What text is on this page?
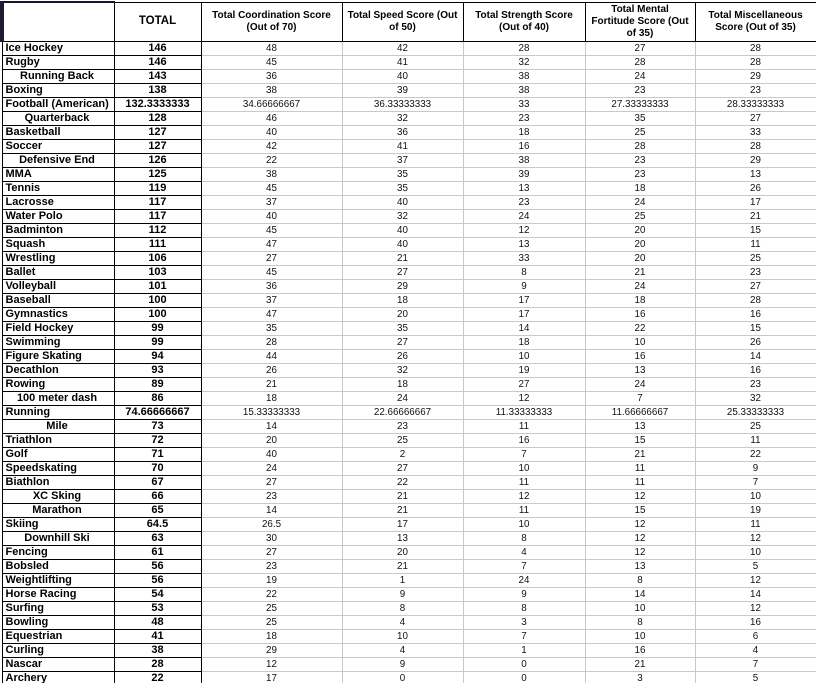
	TOTAL	Total Coordination Score (Out of 70)	Total Speed Score (Out of 50)	Total Strength Score (Out of 40)	Total Mental Fortitude Score (Out of 35)	Total Miscellaneous Score (Out of 35)
Ice Hockey	146	48	42	28	27	28
Rugby	146	45	41	32	28	28
Running Back	143	36	40	38	24	29
Boxing	138	38	39	38	23	23
Football (American)	132.3333333	34.66666667	36.33333333	33	27.33333333	28.33333333
Quarterback	128	46	32	23	35	27
Basketball	127	40	36	18	25	33
Soccer	127	42	41	16	28	28
Defensive End	126	22	37	38	23	29
MMA	125	38	35	39	23	13
Tennis	119	45	35	13	18	26
Lacrosse	117	37	40	23	24	17
Water Polo	117	40	32	24	25	21
Badminton	112	45	40	12	20	15
Squash	111	47	40	13	20	11
Wrestling	106	27	21	33	20	25
Ballet	103	45	27	8	21	23
Volleyball	101	36	29	9	24	27
Baseball	100	37	18	17	18	28
Gymnastics	100	47	20	17	16	16
Field Hockey	99	35	35	14	22	15
Swimming	99	28	27	18	10	26
Figure Skating	94	44	26	10	16	14
Decathlon	93	26	32	19	13	16
Rowing	89	21	18	27	24	23
100 meter dash	86	18	24	12	7	32
Running	74.66666667	15.33333333	22.66666667	11.33333333	11.66666667	25.33333333
Mile	73	14	23	11	13	25
Triathlon	72	20	25	16	15	11
Golf	71	40	2	7	21	22
Speedskating	70	24	27	10	11	9
Biathlon	67	27	22	11	11	7
XC Sking	66	23	21	12	12	10
Marathon	65	14	21	11	15	19
Skiing	64.5	26.5	17	10	12	11
Downhill Ski	63	30	13	8	12	12
Fencing	61	27	20	4	12	10
Bobsled	56	23	21	7	13	5
Weightlifting	56	19	1	24	8	12
Horse Racing	54	22	9	9	14	14
Surfing	53	25	8	8	10	12
Bowling	48	25	4	3	8	16
Equestrian	41	18	10	7	10	6
Curling	38	29	4	1	16	4
Nascar	28	12	9	0	21	7
Archery	22	17	0	0	3	5
